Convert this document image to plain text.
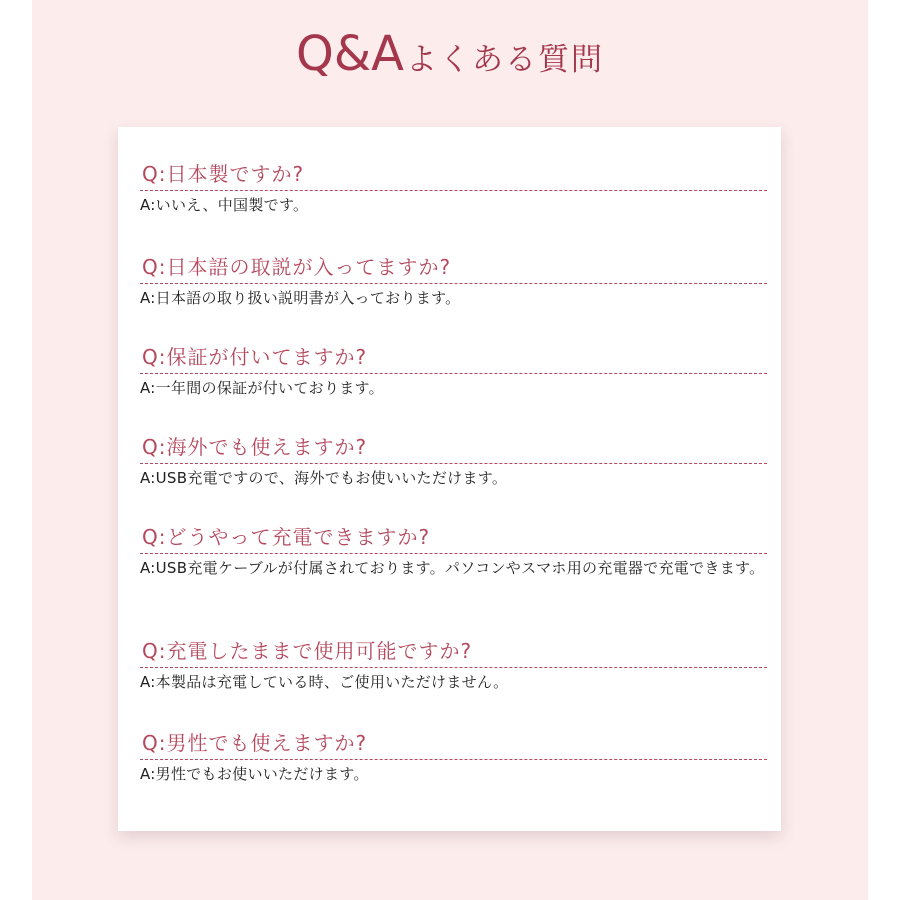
Q&Aよくある質問
Q:日本製ですか?
A:いいえ、中国製です。
Q:日本語の取説が入ってますか?
A:日本語の取り扱い説明書が入っております。
Q:保証が付いてますか?
A:一年間の保証が付いております。
Q:海外でも使えますか?
A:USB充電ですので、海外でもお使いいただけます。
Q:どうやって充電できますか?
A:USB充電ケーブルが付属されております。パソコンやスマホ用の充電器で充電できます。
Q:充電したままで使用可能ですか?
A:本製品は充電している時、ご使用いただけません。
Q:男性でも使えますか?
A:男性でもお使いいただけます。
